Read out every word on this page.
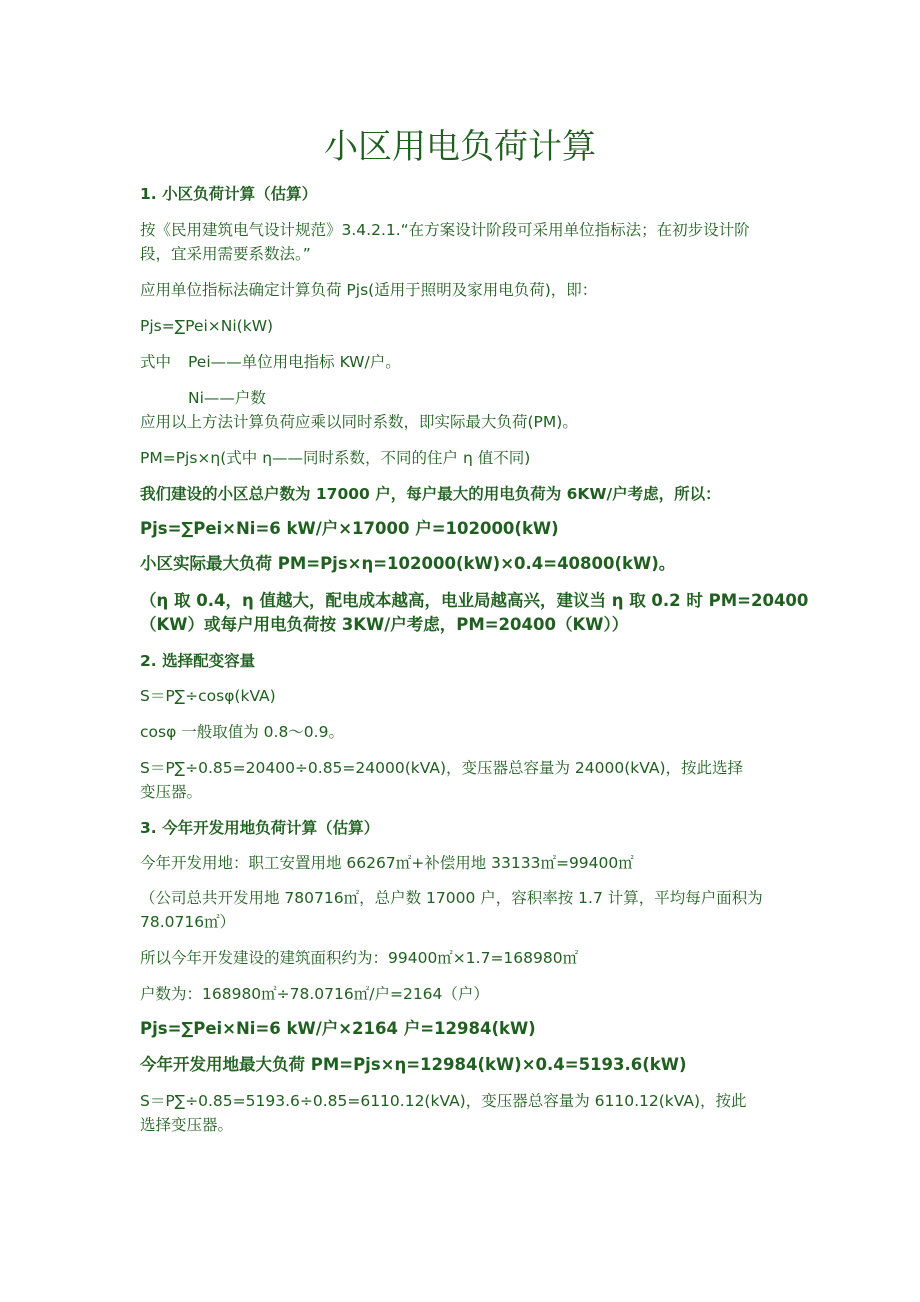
小区用电负荷计算
1. 小区负荷计算（估算）
按《民用建筑电气设计规范》3.4.2.1.“在方案设计阶段可采用单位指标法；在初步设计阶
段，宜采用需要系数法。”
应用单位指标法确定计算负荷 Pjs(适用于照明及家用电负荷)，即：
Pjs=∑Pei×Ni(kW)
式中	Pei——单位用电指标 KW/户。
Ni——户数
应用以上方法计算负荷应乘以同时系数，即实际最大负荷(PM)。
PM=Pjs×η(式中 η——同时系数，不同的住户 η 值不同)
我们建设的小区总户数为 17000 户，每户最大的用电负荷为 6KW/户考虑，所以：
Pjs=∑Pei×Ni=6 kW/户×17000 户=102000(kW)
小区实际最大负荷 PM=Pjs×η=102000(kW)×0.4=40800(kW)。
（η 取 0.4，η 值越大，配电成本越高，电业局越高兴，建议当 η 取 0.2 时 PM=20400
（KW）或每户用电负荷按 3KW/户考虑，PM=20400（KW））
2. 选择配变容量
S＝P∑÷cosφ(kVA)
cosφ 一般取值为 0.8～0.9。
S＝P∑÷0.85=20400÷0.85=24000(kVA)，变压器总容量为 24000(kVA)，按此选择
变压器。
3. 今年开发用地负荷计算（估算）
今年开发用地：职工安置用地 66267㎡+补偿用地 33133㎡=99400㎡
（公司总共开发用地 780716㎡，总户数 17000 户，容积率按 1.7 计算，平均每户面积为
78.0716㎡）
所以今年开发建设的建筑面积约为：99400㎡×1.7=168980㎡
户数为：168980㎡÷78.0716㎡/户=2164（户）
Pjs=∑Pei×Ni=6 kW/户×2164 户=12984(kW)
今年开发用地最大负荷 PM=Pjs×η=12984(kW)×0.4=5193.6(kW)
S＝P∑÷0.85=5193.6÷0.85=6110.12(kVA)，变压器总容量为 6110.12(kVA)，按此
选择变压器。
